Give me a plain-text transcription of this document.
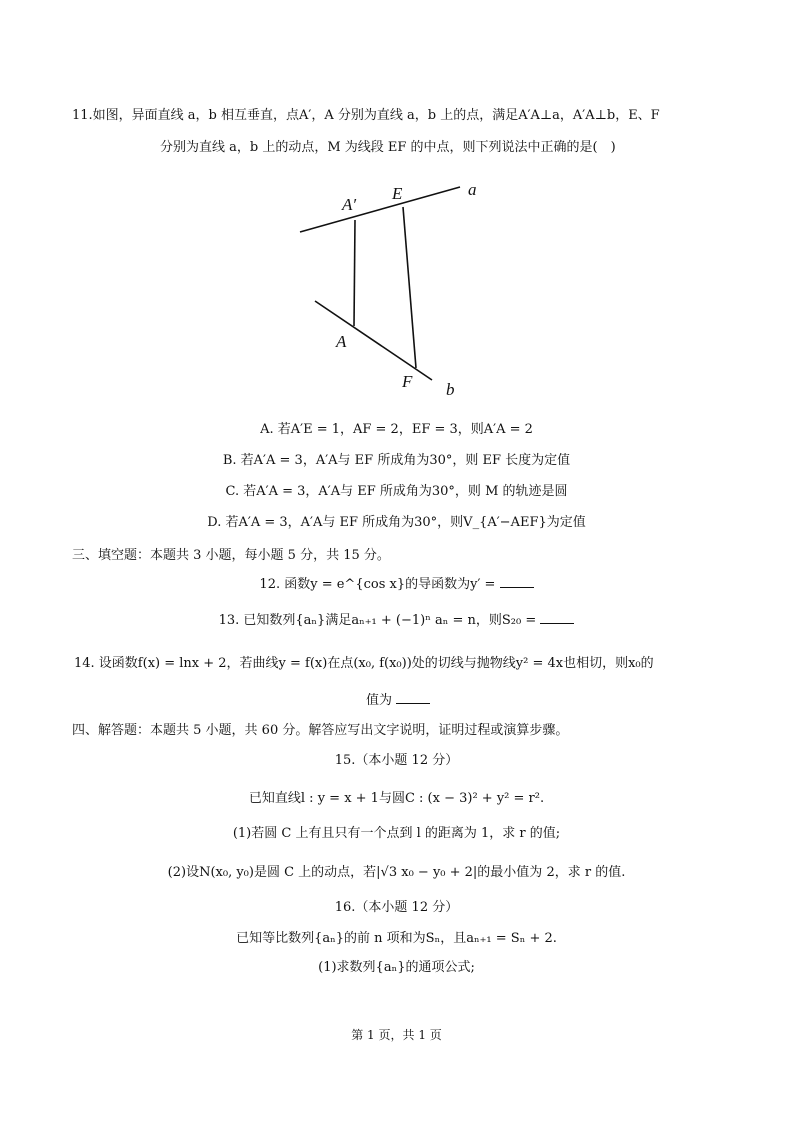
11.如图，异面直线 a，b 相互垂直，点A′，A 分别为直线 a，b 上的点，满足A′A⊥a，A′A⊥b，E、F
分别为直线 a，b 上的动点，M 为线段 EF 的中点，则下列说法中正确的是(　)
A′
E	a
A
F b
A. 若A′E = 1，AF = 2，EF = 3，则A′A = 2
B. 若A′A = 3，A′A与 EF 所成角为30°，则 EF 长度为定值
C. 若A′A = 3，A′A与 EF 所成角为30°，则 M 的轨迹是圆
D. 若A′A = 3，A′A与 EF 所成角为30°，则V_{A′−AEF}为定值
三、填空题：本题共 3 小题，每小题 5 分，共 15 分。
12. 函数y = e^{cos x}的导函数为y′ =
13. 已知数列{aₙ}满足aₙ₊₁ + (−1)ⁿ aₙ = n，则S₂₀ =
14. 设函数f(x) = lnx + 2，若曲线y = f(x)在点(x₀, f(x₀))处的切线与抛物线y² = 4x也相切，则x₀的
值为
四、解答题：本题共 5 小题，共 60 分。解答应写出文字说明，证明过程或演算步骤。
15.（本小题 12 分）
已知直线l : y = x + 1与圆C : (x − 3)² + y² = r².
(1)若圆 C 上有且只有一个点到 l 的距离为 1，求 r 的值;
(2)设N(x₀, y₀)是圆 C 上的动点，若|√3 x₀ − y₀ + 2|的最小值为 2，求 r 的值.
16.（本小题 12 分）
已知等比数列{aₙ}的前 n 项和为Sₙ，且aₙ₊₁ = Sₙ + 2.
(1)求数列{aₙ}的通项公式;
第 1 页，共 1 页
